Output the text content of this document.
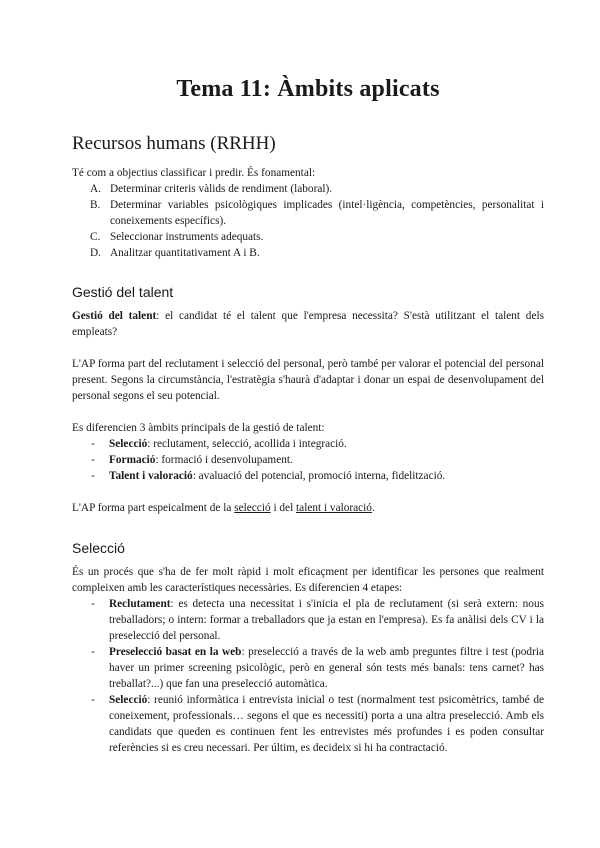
Tema 11: Àmbits aplicats
Recursos humans (RRHH)

Té com a objectius classificar i predir. És fonamental:

A. Determinar criteris vàlids de rendiment (laboral).
B. Determinar variables psicològiques implicades (intel·ligència, competències, personalitat i coneixements específics).
C. Seleccionar instruments adequats.
D. Analitzar quantitativament A i B.
Gestió del talent

Gestió del talent: el candidat té el talent que l'empresa necessita? S'està utilitzant el talent dels empleats?

L'AP forma part del reclutament i selecció del personal, però també per valorar el potencial del personal present. Segons la circumstància, l'estratègia s'haurà d'adaptar i donar un espai de desenvolupament del personal segons el seu potencial.

Es diferencien 3 àmbits principals de la gestió de talent:

- Selecció: reclutament, selecció, acollida i integració.
- Formació: formació i desenvolupament.
- Talent i valoració: avaluació del potencial, promoció interna, fidelització.

L'AP forma part espeicalment de la selecció i del talent i valoració.

Selecció

És un procés que s'ha de fer molt ràpid i molt eficaçment per identificar les persones que realment compleixen amb les característiques necessàries. Es diferencien 4 etapes:

- Reclutament: es detecta una necessitat i s'inicia el pla de reclutament (si serà extern: nous treballadors; o intern: formar a treballadors que ja estan en l'empresa). Es fa anàlisi dels CV i la preselecció del personal.
- Preselecció basat en la web: preselecció a través de la web amb preguntes filtre i test (podria haver un primer screening psicològic, però en general són tests més banals: tens carnet? has treballat?...) que fan una preselecció automàtica.
- Selecció: reunió informàtica i entrevista inicial o test (normalment test psicomètrics, també de coneixement, professionals… segons el que es necessiti) porta a una altra preselecció. Amb els candidats que queden es continuen fent les entrevistes més profundes i es poden consultar referències si es creu necessari. Per últim, es decideix si hi ha contractació.
